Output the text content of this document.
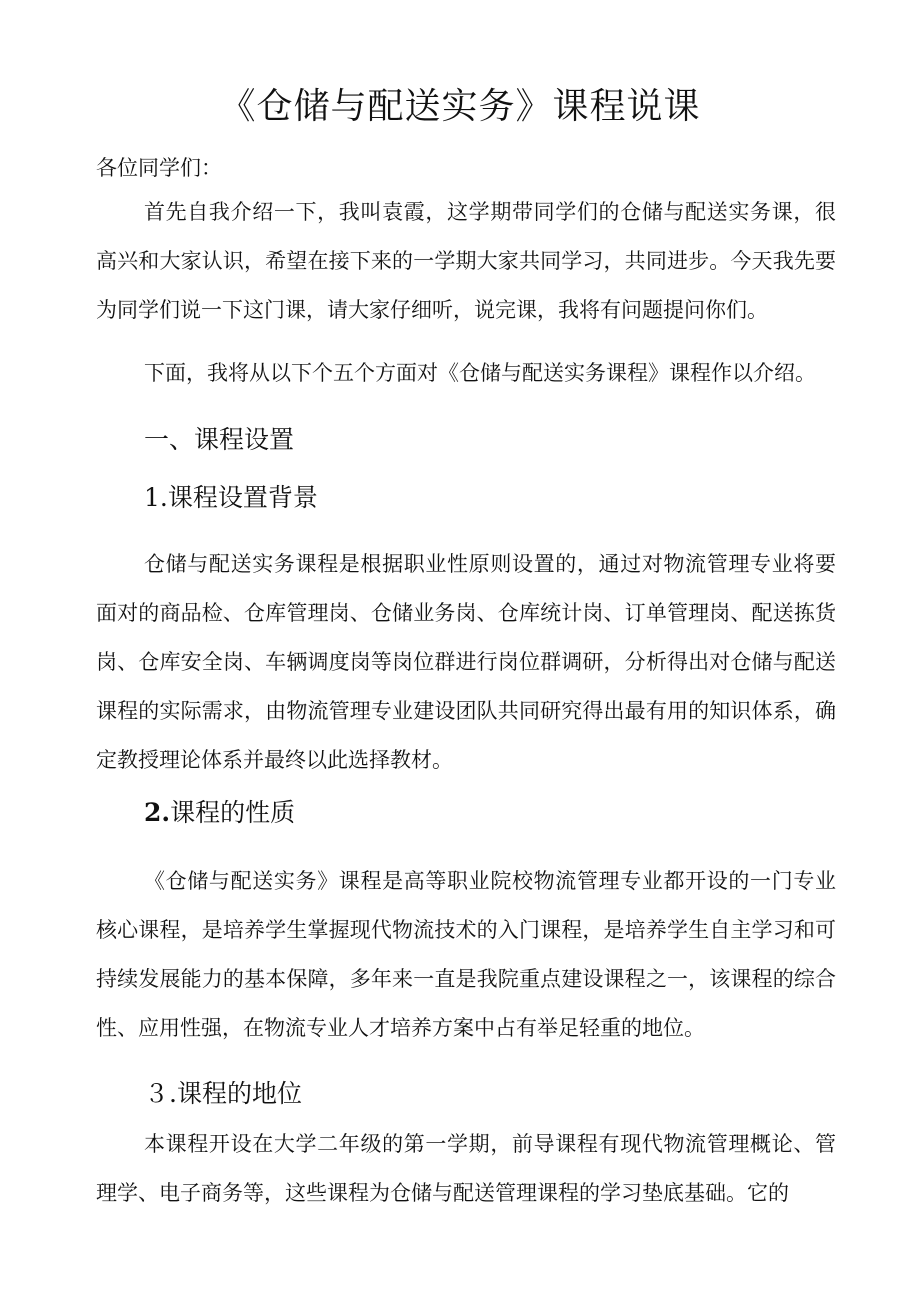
《仓储与配送实务》课程说课

各位同学们：

首先自我介绍一下，我叫袁霞，这学期带同学们的仓储与配送实务课，很高兴和大家认识，希望在接下来的一学期大家共同学习，共同进步。今天我先要为同学们说一下这门课，请大家仔细听，说完课，我将有问题提问你们。

下面，我将从以下个五个方面对《仓储与配送实务课程》课程作以介绍。

一、课程设置
1.课程设置背景

仓储与配送实务课程是根据职业性原则设置的，通过对物流管理专业将要面对的商品检、仓库管理岗、仓储业务岗、仓库统计岗、订单管理岗、配送拣货岗、仓库安全岗、车辆调度岗等岗位群进行岗位群调研，分析得出对仓储与配送课程的实际需求，由物流管理专业建设团队共同研究得出最有用的知识体系，确定教授理论体系并最终以此选择教材。

2.课程的性质

《仓储与配送实务》课程是高等职业院校物流管理专业都开设的一门专业核心课程，是培养学生掌握现代物流技术的入门课程，是培养学生自主学习和可持续发展能力的基本保障，多年来一直是我院重点建设课程之一，该课程的综合性、应用性强，在物流专业人才培养方案中占有举足轻重的地位。

３.课程的地位

本课程开设在大学二年级的第一学期，前导课程有现代物流管理概论、管理学、电子商务等，这些课程为仓储与配送管理课程的学习垫底基础。它的
